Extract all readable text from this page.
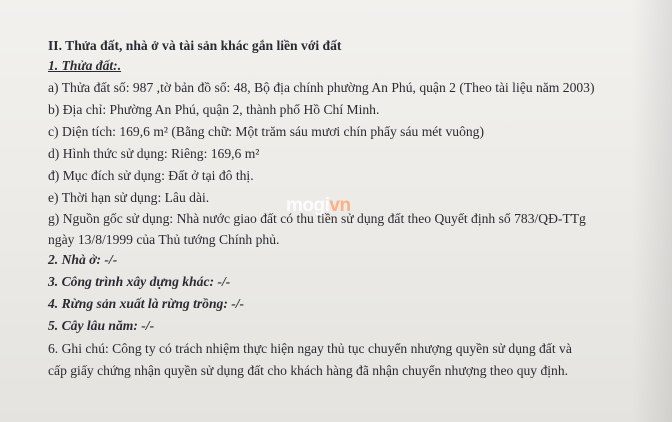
II. Thửa đất, nhà ở và tài sản khác gắn liền với đất
1. Thửa đất:.
a) Thửa đất số: 987 ,tờ bản đồ số: 48, Bộ địa chính phường An Phú, quận 2 (Theo tài liệu năm 2003)
b) Địa chỉ: Phường An Phú, quận 2, thành phố Hồ Chí Minh.
c) Diện tích: 169,6 m² (Bằng chữ: Một trăm sáu mươi chín phẩy sáu mét vuông)
d) Hình thức sử dụng: Riêng: 169,6 m²
đ) Mục đích sử dụng: Đất ở tại đô thị.
e) Thời hạn sử dụng: Lâu dài.
g) Nguồn gốc sử dụng: Nhà nước giao đất có thu tiền sử dụng đất theo Quyết định số 783/QĐ-TTg
ngày 13/8/1999 của Thủ tướng Chính phủ.
2. Nhà ở: -/-
3. Công trình xây dựng khác: -/-
4. Rừng sản xuất là rừng trồng: -/-
5. Cây lâu năm: -/-
6. Ghi chú: Công ty có trách nhiệm thực hiện ngay thủ tục chuyển nhượng quyền sử dụng đất và
cấp giấy chứng nhận quyền sử dụng đất cho khách hàng đã nhận chuyển nhượng theo quy định.
mogivn
